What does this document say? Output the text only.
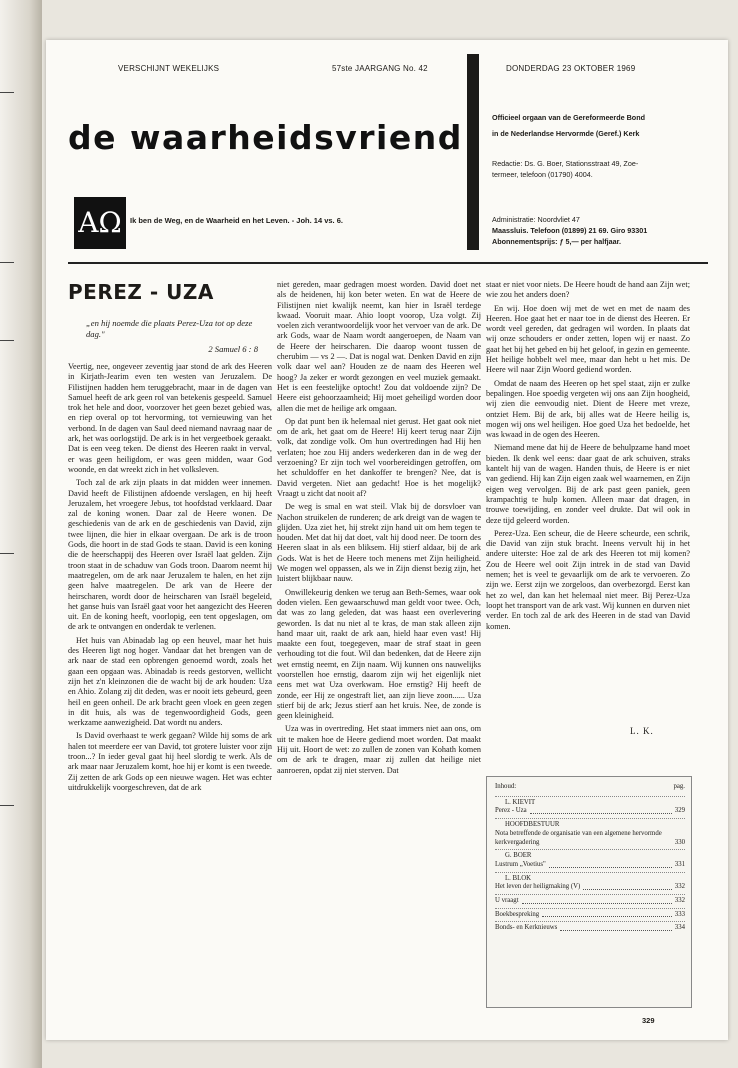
VERSCHIJNT WEKELIJKS	57ste JAARGANG No. 42	DONDERDAG 23 OKTOBER 1969
de waarheidsvriend
AΩ	Ik ben de Weg, en de Waarheid en het Leven. - Joh. 14 vs. 6.
Officieel orgaan van de Gereformeerde Bond
in de Nederlandse Hervormde (Geref.) Kerk
Redactie: Ds. G. Boer, Stationsstraat 49, Zoe-
termeer, telefoon (01790) 4004.
Administratie: Noordvliet 47
Maassluis. Telefoon (01899) 21 69. Giro 93301
Abonnementsprijs: ƒ 5,— per halfjaar.
PEREZ - UZA
„en hij noemde die plaats Perez-Uza tot op deze dag."
2 Samuel 6 : 8

Veertig, nee, ongeveer zeventig jaar stond de ark des Heeren in Kirjath-Jearim even ten westen van Jeruzalem. De Filistijnen hadden hem teruggebracht, maar in de dagen van Samuel heeft de ark geen rol van betekenis gespeeld. Samuel trok het hele and door, voorzover het geen bezet gebied was, en riep overal op tot hervorming, tot vernieuwing van het verbond. In de dagen van Saul deed niemand navraag naar de ark, het was oorlogstijd. De ark is in het vergeetboek geraakt. Dat is een veeg teken. De dienst des Heeren raakt in verval, er was geen heiligdom, er was geen midden, waar God woonde, en dat wreekt zich in het volksleven.

Toch zal de ark zijn plaats in dat midden weer innemen. David heeft de Filistijnen afdoende verslagen, en hij heeft Jeruzalem, het vroegere Jebus, tot hoofdstad verklaard. Daar zal de koning wonen. Daar zal de Heere wonen. De geschiedenis van de ark en de geschiedenis van David, zijn twee lijnen, die hier in elkaar overgaan. De ark is de troon Gods, die hoort in de stad Gods te staan. David is een koning die de heerschappij des Heeren over Israël laat gelden. Zijn troon staat in de schaduw van Gods troon. Daarom neemt hij maatregelen, om de ark naar Jeruzalem te halen, en het zijn geen halve maatregelen. De ark van de Heere der heirscharen, wordt door de heirscharen van Israël begeleid, het ganse huis van Israël gaat voor het aangezicht des Heeren uit. En de koning heeft, voorlopig, een tent opgeslagen, om de ark te ontvangen en onderdak te verlenen.

Het huis van Abinadab lag op een heuvel, maar het huis des Heeren ligt nog hoger. Vandaar dat het brengen van de ark naar de stad een opbrengen genoemd wordt, zoals het gaan een opgaan was. Abinadab is reeds gestorven, wellicht zijn het z'n kleinzonen die de wacht bij de ark houden: Uza en Ahio. Zolang zij dit deden, was er nooit iets gebeurd, geen heil en geen onheil. De ark bracht geen vloek en geen zegen in dit huis, als was de tegenwoordigheid Gods, geen werkzame aanwezigheid. Dat wordt nu anders.

Is David overhaast te werk gegaan? Wilde hij soms de ark halen tot meerdere eer van David, tot grotere luister voor zijn troon...? In ieder geval gaat hij heel slordig te werk. Als de ark maar naar Jeruzalem komt, hoe hij er komt is een tweede. Zij zetten de ark Gods op een nieuwe wagen. Het was echter uitdrukkelijk voorgeschreven, dat de ark

niet gereden, maar gedragen moest worden. David doet net als de heidenen, hij kon beter weten. En wat de Heere de Filistijnen niet kwalijk neemt, kan hier in Israël terdege kwaad. Vooruit maar. Ahio loopt voorop, Uza volgt. Zij voelen zich verantwoordelijk voor het vervoer van de ark. De ark Gods, waar de Naam wordt aangeroepen, de Naam van de Heere der heirscharen. Die daarop woont tussen de cherubim — vs 2 —. Dat is nogal wat. Denken David en zijn volk daar wel aan? Houden ze de naam des Heeren wel hoog? Ja zeker er wordt gezongen en veel muziek gemaakt. Het is een feestelijke optocht! Zou dat voldoende zijn? De Heere eist gehoorzaamheid; Hij moet geheiligd worden door allen die met de heilige ark omgaan.

Op dat punt ben ik helemaal niet gerust. Het gaat ook niet om de ark, het gaat om de Heere! Hij keert terug naar Zijn volk, dat zondige volk. Om hun overtredingen had Hij hen verlaten; hoe zou Hij anders wederkeren dan in de weg der verzoening? Er zijn toch wel voorbereidingen getroffen, om het schuldoffer en het dankoffer te brengen? Nee, dat is David vergeten. Niet aan gedacht! Hoe is het mogelijk? Vraagt u zicht dat nooit af?

De weg is smal en wat steil. Vlak bij de dorsvloer van Nachon struikelen de runderen; de ark dreigt van de wagen te glijden. Uza ziet het, hij strekt zijn hand uit om hem tegen te houden. Met dat hij dat doet, valt hij dood neer. De toorn des Heeren slaat in als een bliksem. Hij stierf aldaar, bij de ark Gods. Wat is het de Heere toch menens met Zijn heiligheid. We mogen wel oppassen, als we in Zijn dienst bezig zijn, het luistert blijkbaar nauw.

Onwillekeurig denken we terug aan Beth-Semes, waar ook doden vielen. Een gewaarschuwd man geldt voor twee. Och, dat was zo lang geleden, dat was haast een overlevering geworden. Is dat nu niet al te kras, de man stak alleen zijn hand maar uit, raakt de ark aan, hield haar even vast! Hij maakte een fout, toegegeven, maar de straf staat in geen verhouding tot die fout. Wil dan bedenken, dat de Heere zijn wet ernstig neemt, en Zijn naam. Wij kunnen ons nauwelijks voorstellen hoe ernstig, daarom zijn wij het eigenlijk niet eens met wat Uza overkwam. Hoe ernstig? Hij heeft de zonde, eer Hij ze ongestraft liet, aan zijn lieve zoon...... Uza stierf bij de ark; Jezus stierf aan het kruis. Nee, de zonde is geen kleinigheid.

Uza was in overtreding. Het staat immers niet aan ons, om uit te maken hoe de Heere gediend moet worden. Dat maakt Hij uit. Hoort de wet: zo zullen de zonen van Kohath komen om de ark te dragen, maar zij zullen dat heilige niet aanroeren, opdat zij niet sterven. Dat

staat er niet voor niets. De Heere houdt de hand aan Zijn wet; wie zou het anders doen?

En wij. Hoe doen wij met de wet en met de naam des Heeren. Hoe gaat het er naar toe in de dienst des Heeren. Er wordt veel gereden, dat gedragen wil worden. In plaats dat wij onze schouders er onder zetten, lopen wij er naast. Zo gaat het bij het gebed en bij het geloof, in gezin en gemeente. Het heilige hobbelt wel mee, maar dan hebt u het mis. De Heere wil naar Zijn Woord gediend worden.

Omdat de naam des Heeren op het spel staat, zijn er zulke bepalingen. Hoe spoedig vergeten wij ons aan Zijn hoogheid, wij zien die eenvoudig niet. Dient de Heere met vreze, ontziet Hem. Bij de ark, bij alles wat de Heere heilig is, mogen wij ons wel heiligen. Hoe goed Uza het bedoelde, het was kwaad in de ogen des Heeren.

Niemand mene dat hij de Heere de behulpzame hand moet bieden. Ik denk wel eens: daar gaat de ark schuiven, straks kantelt hij van de wagen. Handen thuis, de Heere is er niet van gediend. Hij kan Zijn eigen zaak wel waarnemen, en Zijn eigen weg vervolgen. Bij de ark past geen paniek, geen krampachtig te hulp komen. Alleen maar dat dragen, in trouwe toewijding, en zonder veel drukte. Dat wil ook in deze tijd geleerd worden.

Perez-Uza. Een scheur, die de Heere scheurde, een schrik, die David van zijn stuk bracht. Ineens vervult hij in het andere uiterste: Hoe zal de ark des Heeren tot mij komen? Zou de Heere wel ooit Zijn intrek in de stad van David nemen; het is veel te gevaarlijk om de ark te vervoeren. Zo zijn we. Eerst zijn we zorgeloos, dan overbezorgd. Eerst kan het zo wel, dan kan het helemaal niet meer. Bij Perez-Uza loopt het transport van de ark vast. Wij kunnen en durven niet verder. En toch zal de ark des Heeren in de stad van David komen.

L. K.
Inhoud:	pag.
L. KIEVIT
Perez - Uza	329
HOOFDBESTUUR
Nota betreffende de organisatie van een algemene hervormde kerkvergadering	330
G. BOER
Lustrum „Voetius"	331
L. BLOK
Het leven der heiligmaking (V)	332
U vraagt	332
Boekbespreking	333
Bonds- en Kerknieuws	334
329
